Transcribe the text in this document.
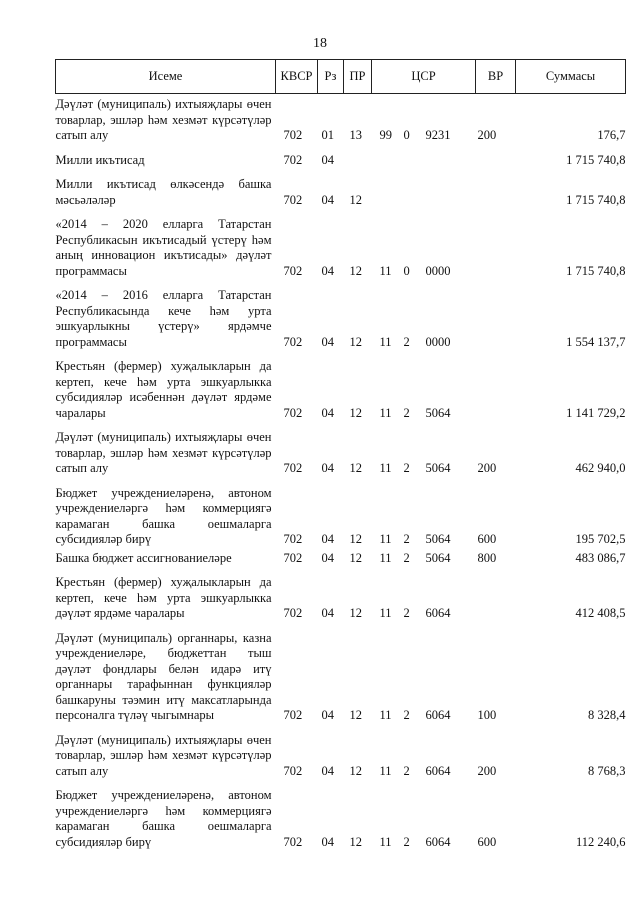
18
Исеме	КВСР	Рз	ПР	ЦСР			ВР	Суммасы
Дәүләт (муниципаль) ихтыяҗлары өчен товарлар, эшләр һәм хезмәт күрсәтүләр сатып алу	702	01	13	99	0	9231	200	176,7
Милли икътисад	702	04						1 715 740,8
Милли икътисад өлкәсендә башка мәсьәләләр	702	04	12					1 715 740,8
«2014 – 2020 елларга Татарстан Республикасын икътисадый үстерү һәм аның инновацион икътисады» дәүләт программасы	702	04	12	11	0	0000		1 715 740,8
«2014 – 2016 елларга Татарстан Республикасында кече һәм урта эшкуарлыкны үстерү» ярдәмче программасы	702	04	12	11	2	0000		1 554 137,7
Крестьян (фермер) хуҗалыкларын да кертеп, кече һәм урта эшкуарлыкка субсидияләр исәбеннән дәүләт ярдәме чаралары	702	04	12	11	2	5064		1 141 729,2
Дәүләт (муниципаль) ихтыяҗлары өчен товарлар, эшләр һәм хезмәт күрсәтүләр сатып алу	702	04	12	11	2	5064	200	462 940,0
Бюджет учреждениеләренә, автоном учреждениеләргә һәм коммерциягә карамаган башка оешмаларга субсидияләр бирү	702	04	12	11	2	5064	600	195 702,5
Башка бюджет ассигнованиеләре	702	04	12	11	2	5064	800	483 086,7
Крестьян (фермер) хуҗалыкларын да кертеп, кече һәм урта эшкуарлыкка дәүләт ярдәме чаралары	702	04	12	11	2	6064		412 408,5
Дәүләт (муниципаль) органнары, казна учреждениеләре, бюджеттан тыш дәүләт фондлары белән идарә итү органнары тарафыннан функцияләр башкаруны тәэмин итү максатларында персоналга түләү чыгымнары	702	04	12	11	2	6064	100	8 328,4
Дәүләт (муниципаль) ихтыяҗлары өчен товарлар, эшләр һәм хезмәт күрсәтүләр сатып алу	702	04	12	11	2	6064	200	8 768,3
Бюджет учреждениеләренә, автоном учреждениеләргә һәм коммерциягә карамаган башка оешмаларга субсидияләр бирү	702	04	12	11	2	6064	600	112 240,6
